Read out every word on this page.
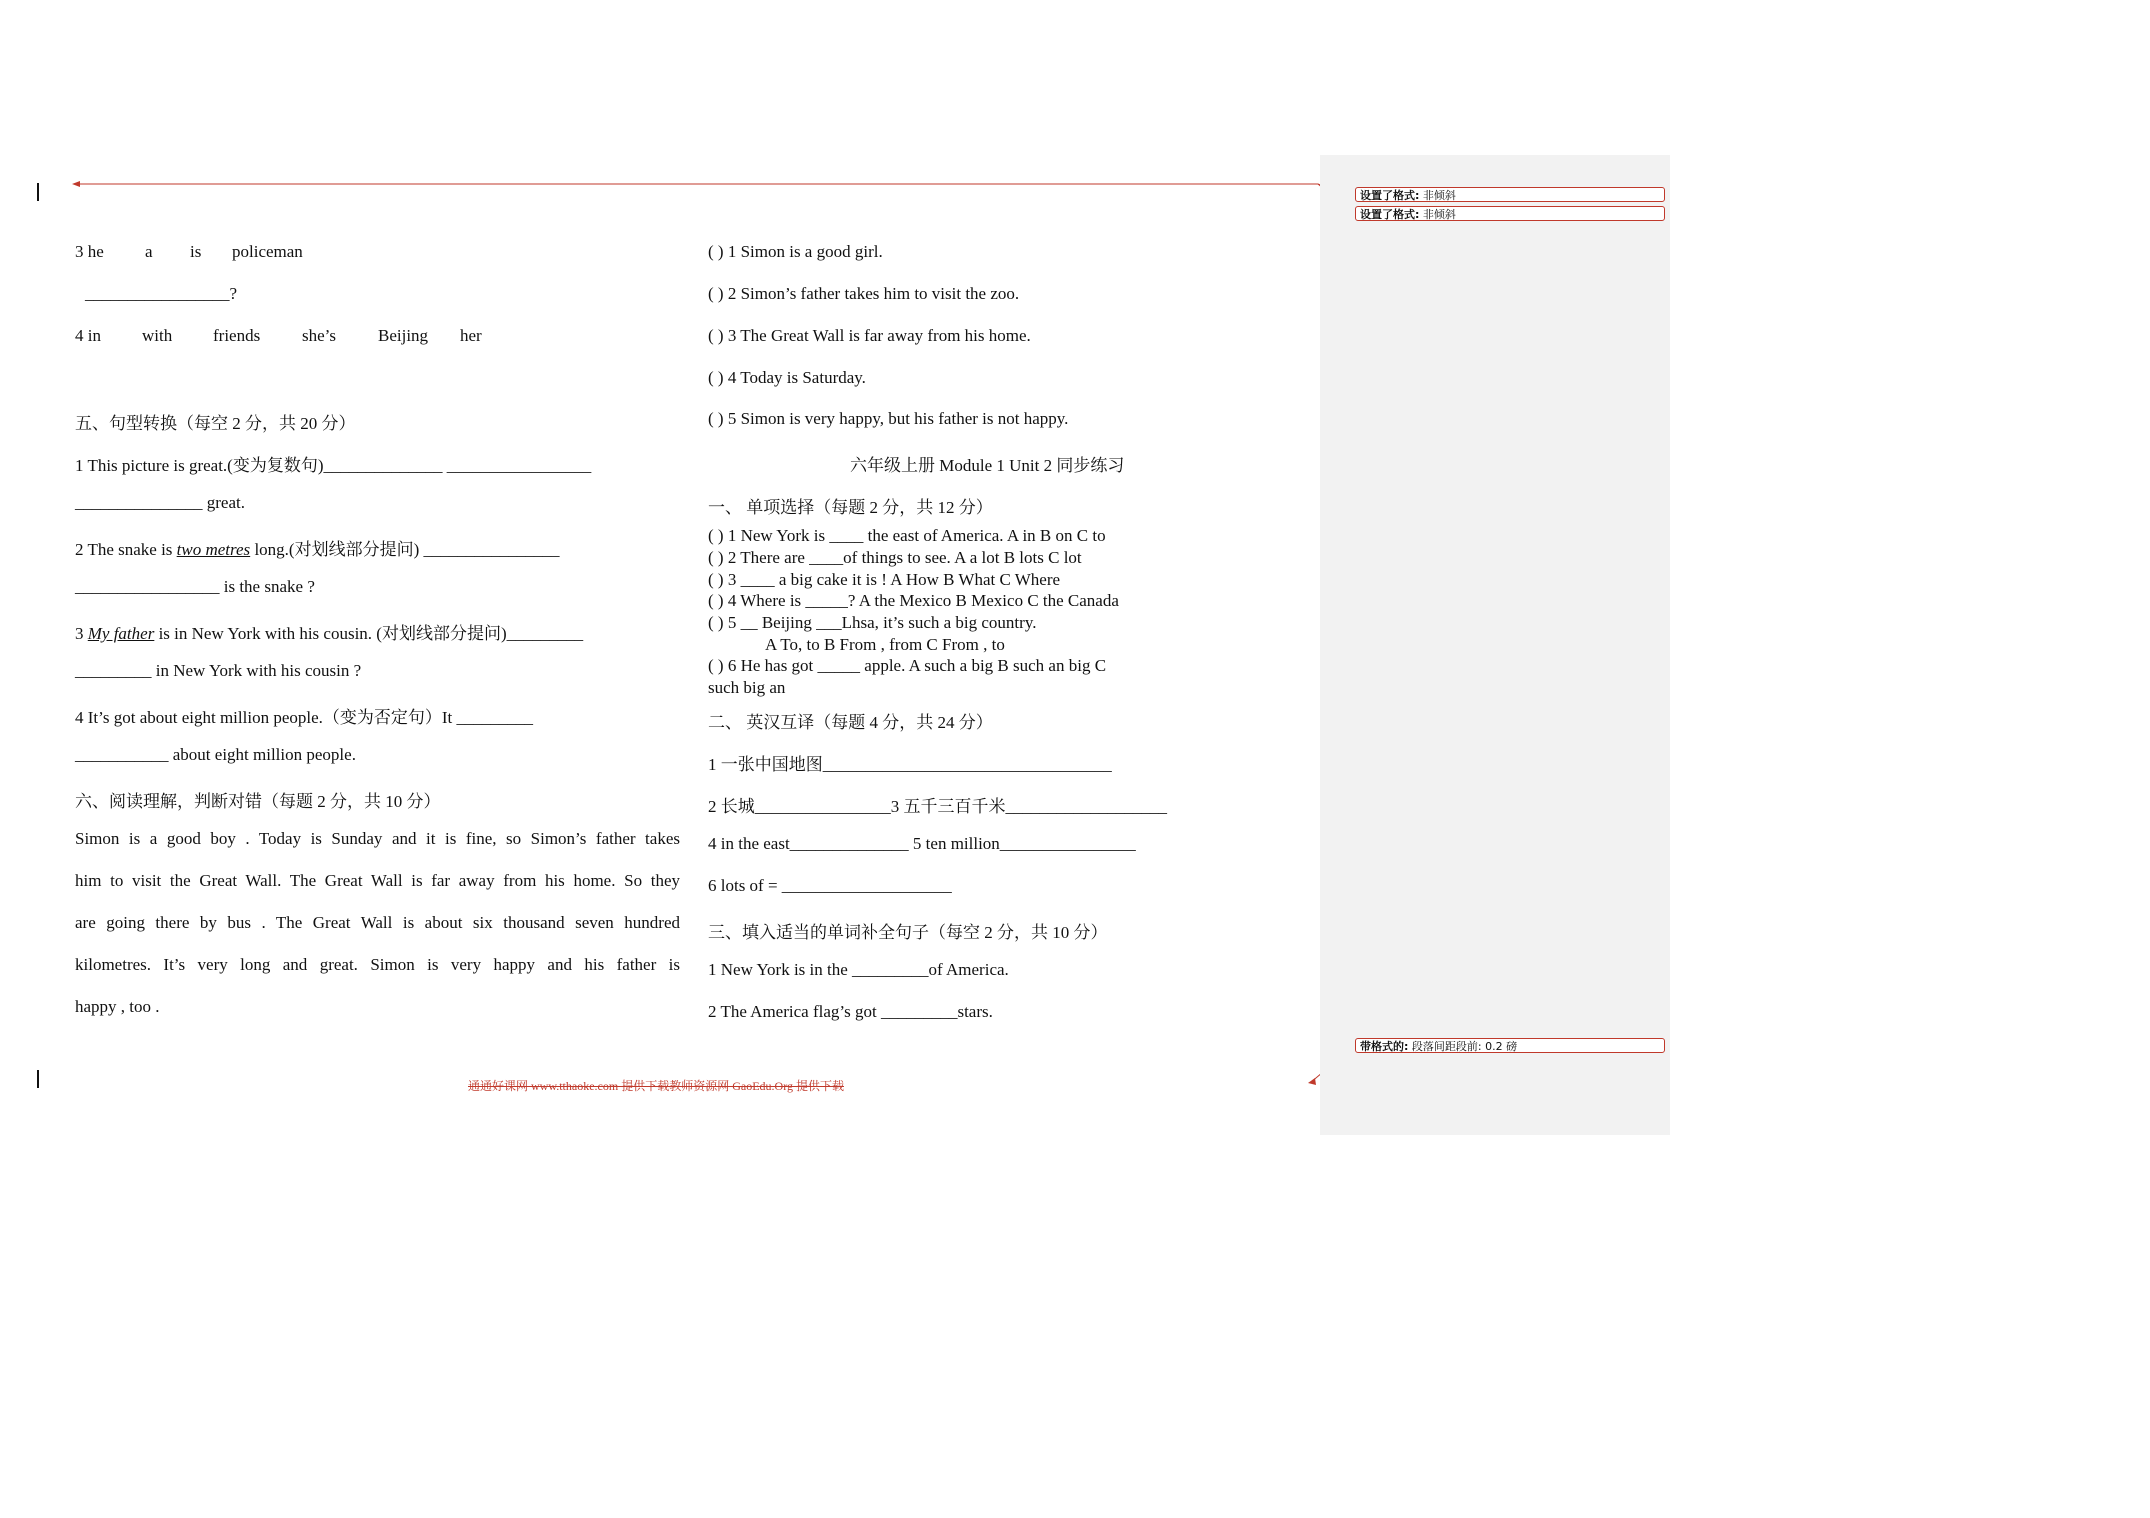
设置了格式: 非倾斜
设置了格式: 非倾斜
带格式的: 段落间距段前: 0.2 磅
3 he a is policeman
_________________?
4 in with friends she’s Beijing her
五、句型转换（每空 2 分，共 20 分）
1 This picture is great.(变为复数句)______________ _________________
_______________ great.
2 The snake is two metres long.(对划线部分提问) ________________
_________________ is the snake ?
3 My father is in New York with his cousin. (对划线部分提问)_________
_________ in New York with his cousin ?
4 It’s got about eight million people.（变为否定句）It _________
___________ about eight million people.
六、阅读理解，判断对错（每题 2 分，共 10 分）
Simon is a good boy . Today is Sunday and it is fine, so Simon’s father takes
him to visit the Great Wall. The Great Wall is far away from his home. So they
are going there by bus . The Great Wall is about six thousand seven hundred
kilometres. It’s very long and great. Simon is very happy and his father is
happy , too .
( ) 1 Simon is a good girl.
( ) 2 Simon’s father takes him to visit the zoo.
( ) 3 The Great Wall is far away from his home.
( ) 4 Today is Saturday.
( ) 5 Simon is very happy, but his father is not happy.
六年级上册 Module 1 Unit 2 同步练习
一、 单项选择（每题 2 分，共 12 分）
( ) 1 New York is ____ the east of America. A in B on C to
( ) 2 There are ____of things to see. A a lot B lots C lot
( ) 3 ____ a big cake it is ! A How B What C Where
( ) 4 Where is _____? A the Mexico B Mexico C the Canada
( ) 5 __ Beijing ___Lhsa, it’s such a big country.
A To, to B From , from C From , to
( ) 6 He has got _____ apple. A such a big B such an big C
such big an
二、 英汉互译（每题 4 分，共 24 分）
1 一张中国地图__________________________________
2 长城________________3 五千三百千米___________________
4 in the east______________ 5 ten million________________
6 lots of = ____________________
三、填入适当的单词补全句子（每空 2 分，共 10 分）
1 New York is in the _________of America.
2 The America flag’s got _________stars.
通通好课网 www.tthaoke.com 提供下载教师资源网 GaoEdu.Org 提供下载
